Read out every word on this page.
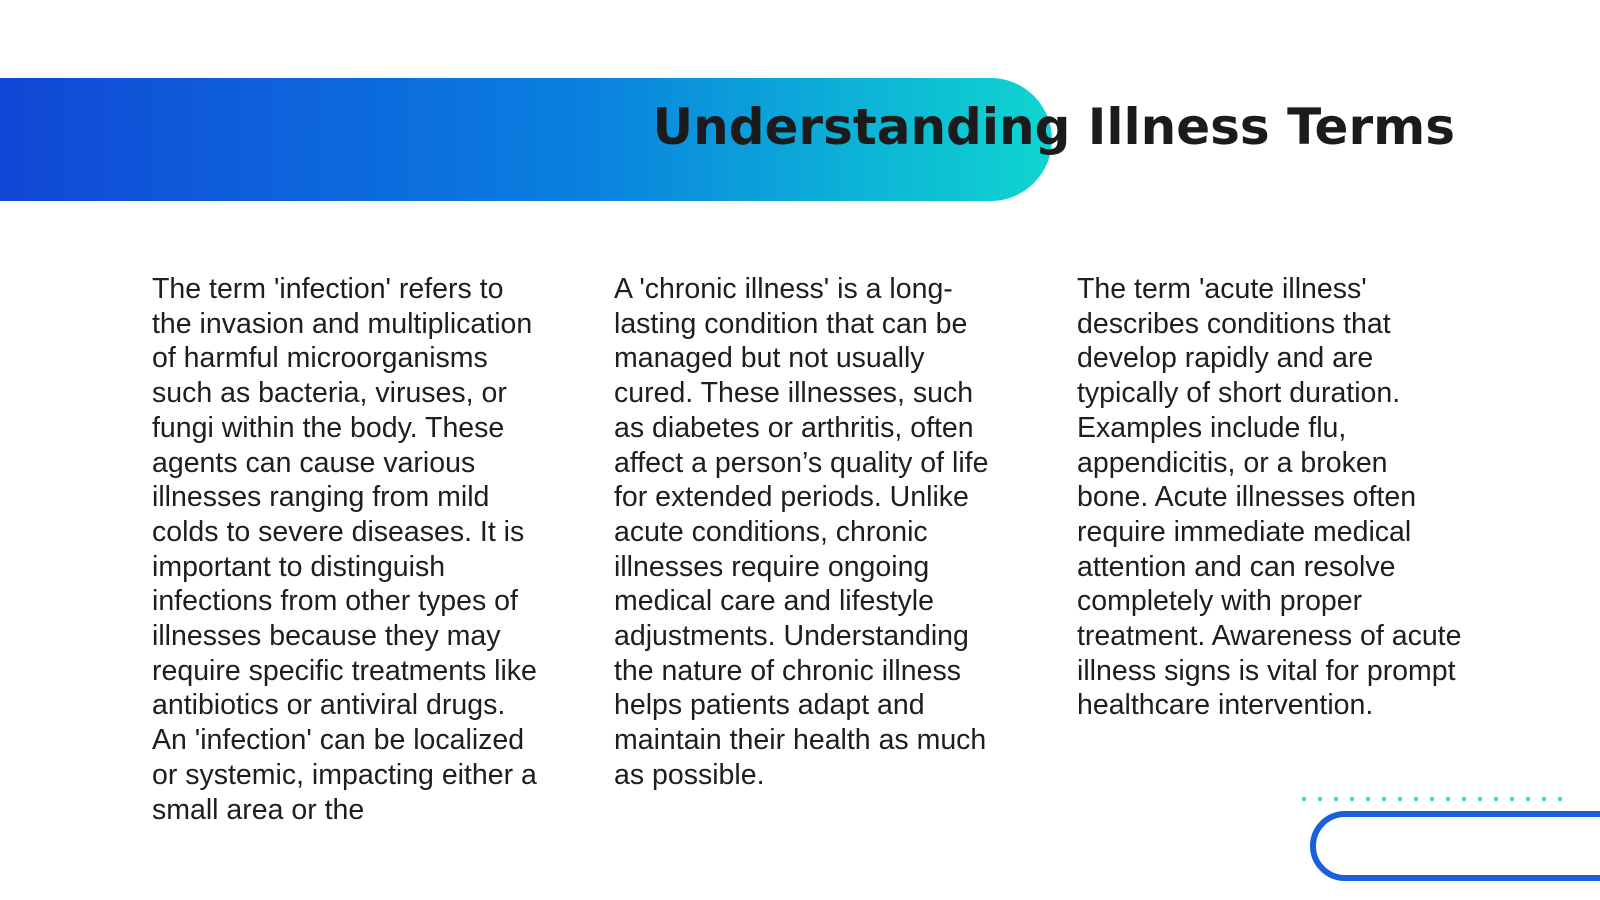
Understanding Illness Terms

The term 'infection' refers to the invasion and multiplication of harmful microorganisms such as bacteria, viruses, or fungi within the body. These agents can cause various illnesses ranging from mild colds to severe diseases. It is important to distinguish infections from other types of illnesses because they may require specific treatments like antibiotics or antiviral drugs. An 'infection' can be localized or systemic, impacting either a small area or the

A 'chronic illness' is a long-lasting condition that can be managed but not usually cured. These illnesses, such as diabetes or arthritis, often affect a person’s quality of life for extended periods. Unlike acute conditions, chronic illnesses require ongoing medical care and lifestyle adjustments. Understanding the nature of chronic illness helps patients adapt and maintain their health as much as possible.

The term 'acute illness' describes conditions that develop rapidly and are typically of short duration. Examples include flu, appendicitis, or a broken bone. Acute illnesses often require immediate medical attention and can resolve completely with proper treatment. Awareness of acute illness signs is vital for prompt healthcare intervention.
